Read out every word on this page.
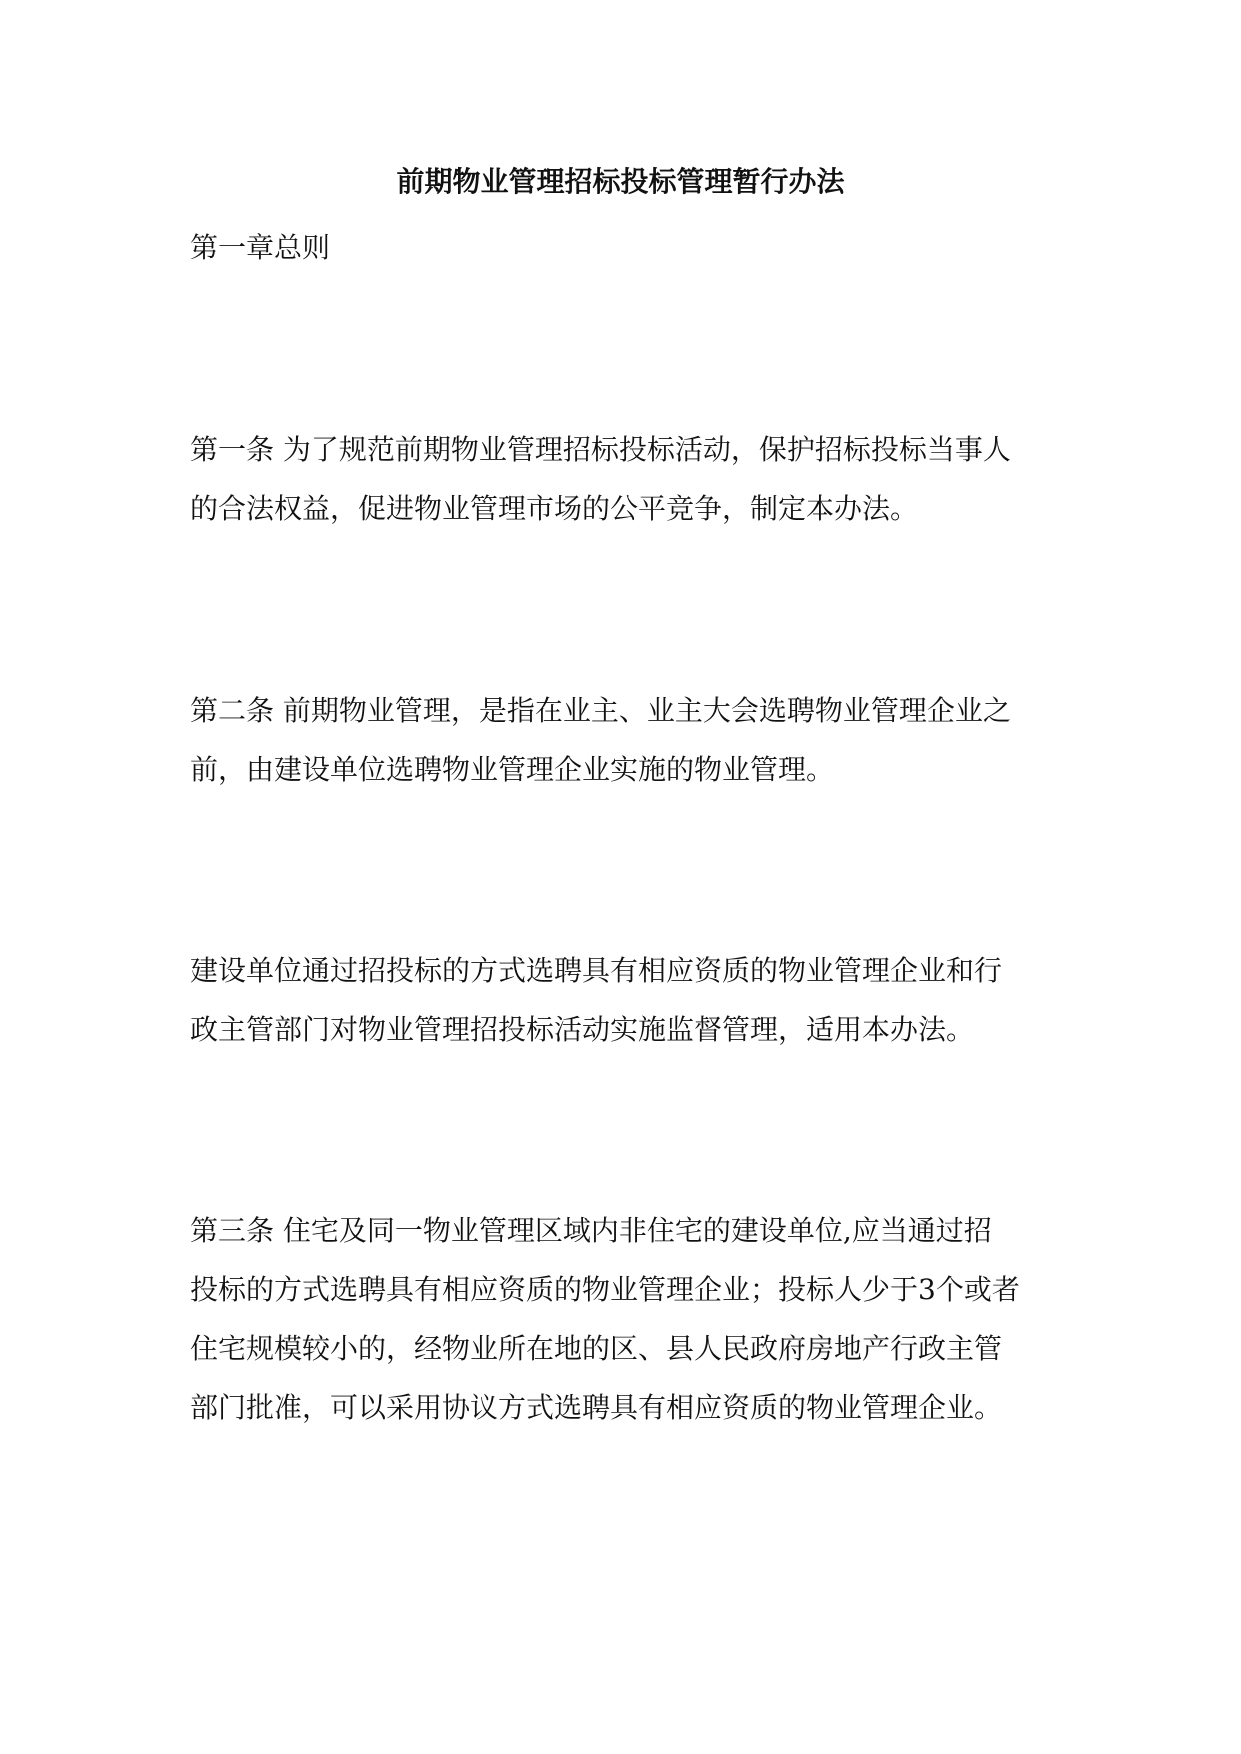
前期物业管理招标投标管理暂行办法
第一章总则
第一条 为了规范前期物业管理招标投标活动，保护招标投标当事人
的合法权益，促进物业管理市场的公平竞争，制定本办法。
第二条 前期物业管理，是指在业主、业主大会选聘物业管理企业之
前，由建设单位选聘物业管理企业实施的物业管理。
建设单位通过招投标的方式选聘具有相应资质的物业管理企业和行
政主管部门对物业管理招投标活动实施监督管理，适用本办法。
第三条 住宅及同一物业管理区域内非住宅的建设单位,应当通过招
投标的方式选聘具有相应资质的物业管理企业；投标人少于3个或者
住宅规模较小的，经物业所在地的区、县人民政府房地产行政主管
部门批准，可以采用协议方式选聘具有相应资质的物业管理企业。
